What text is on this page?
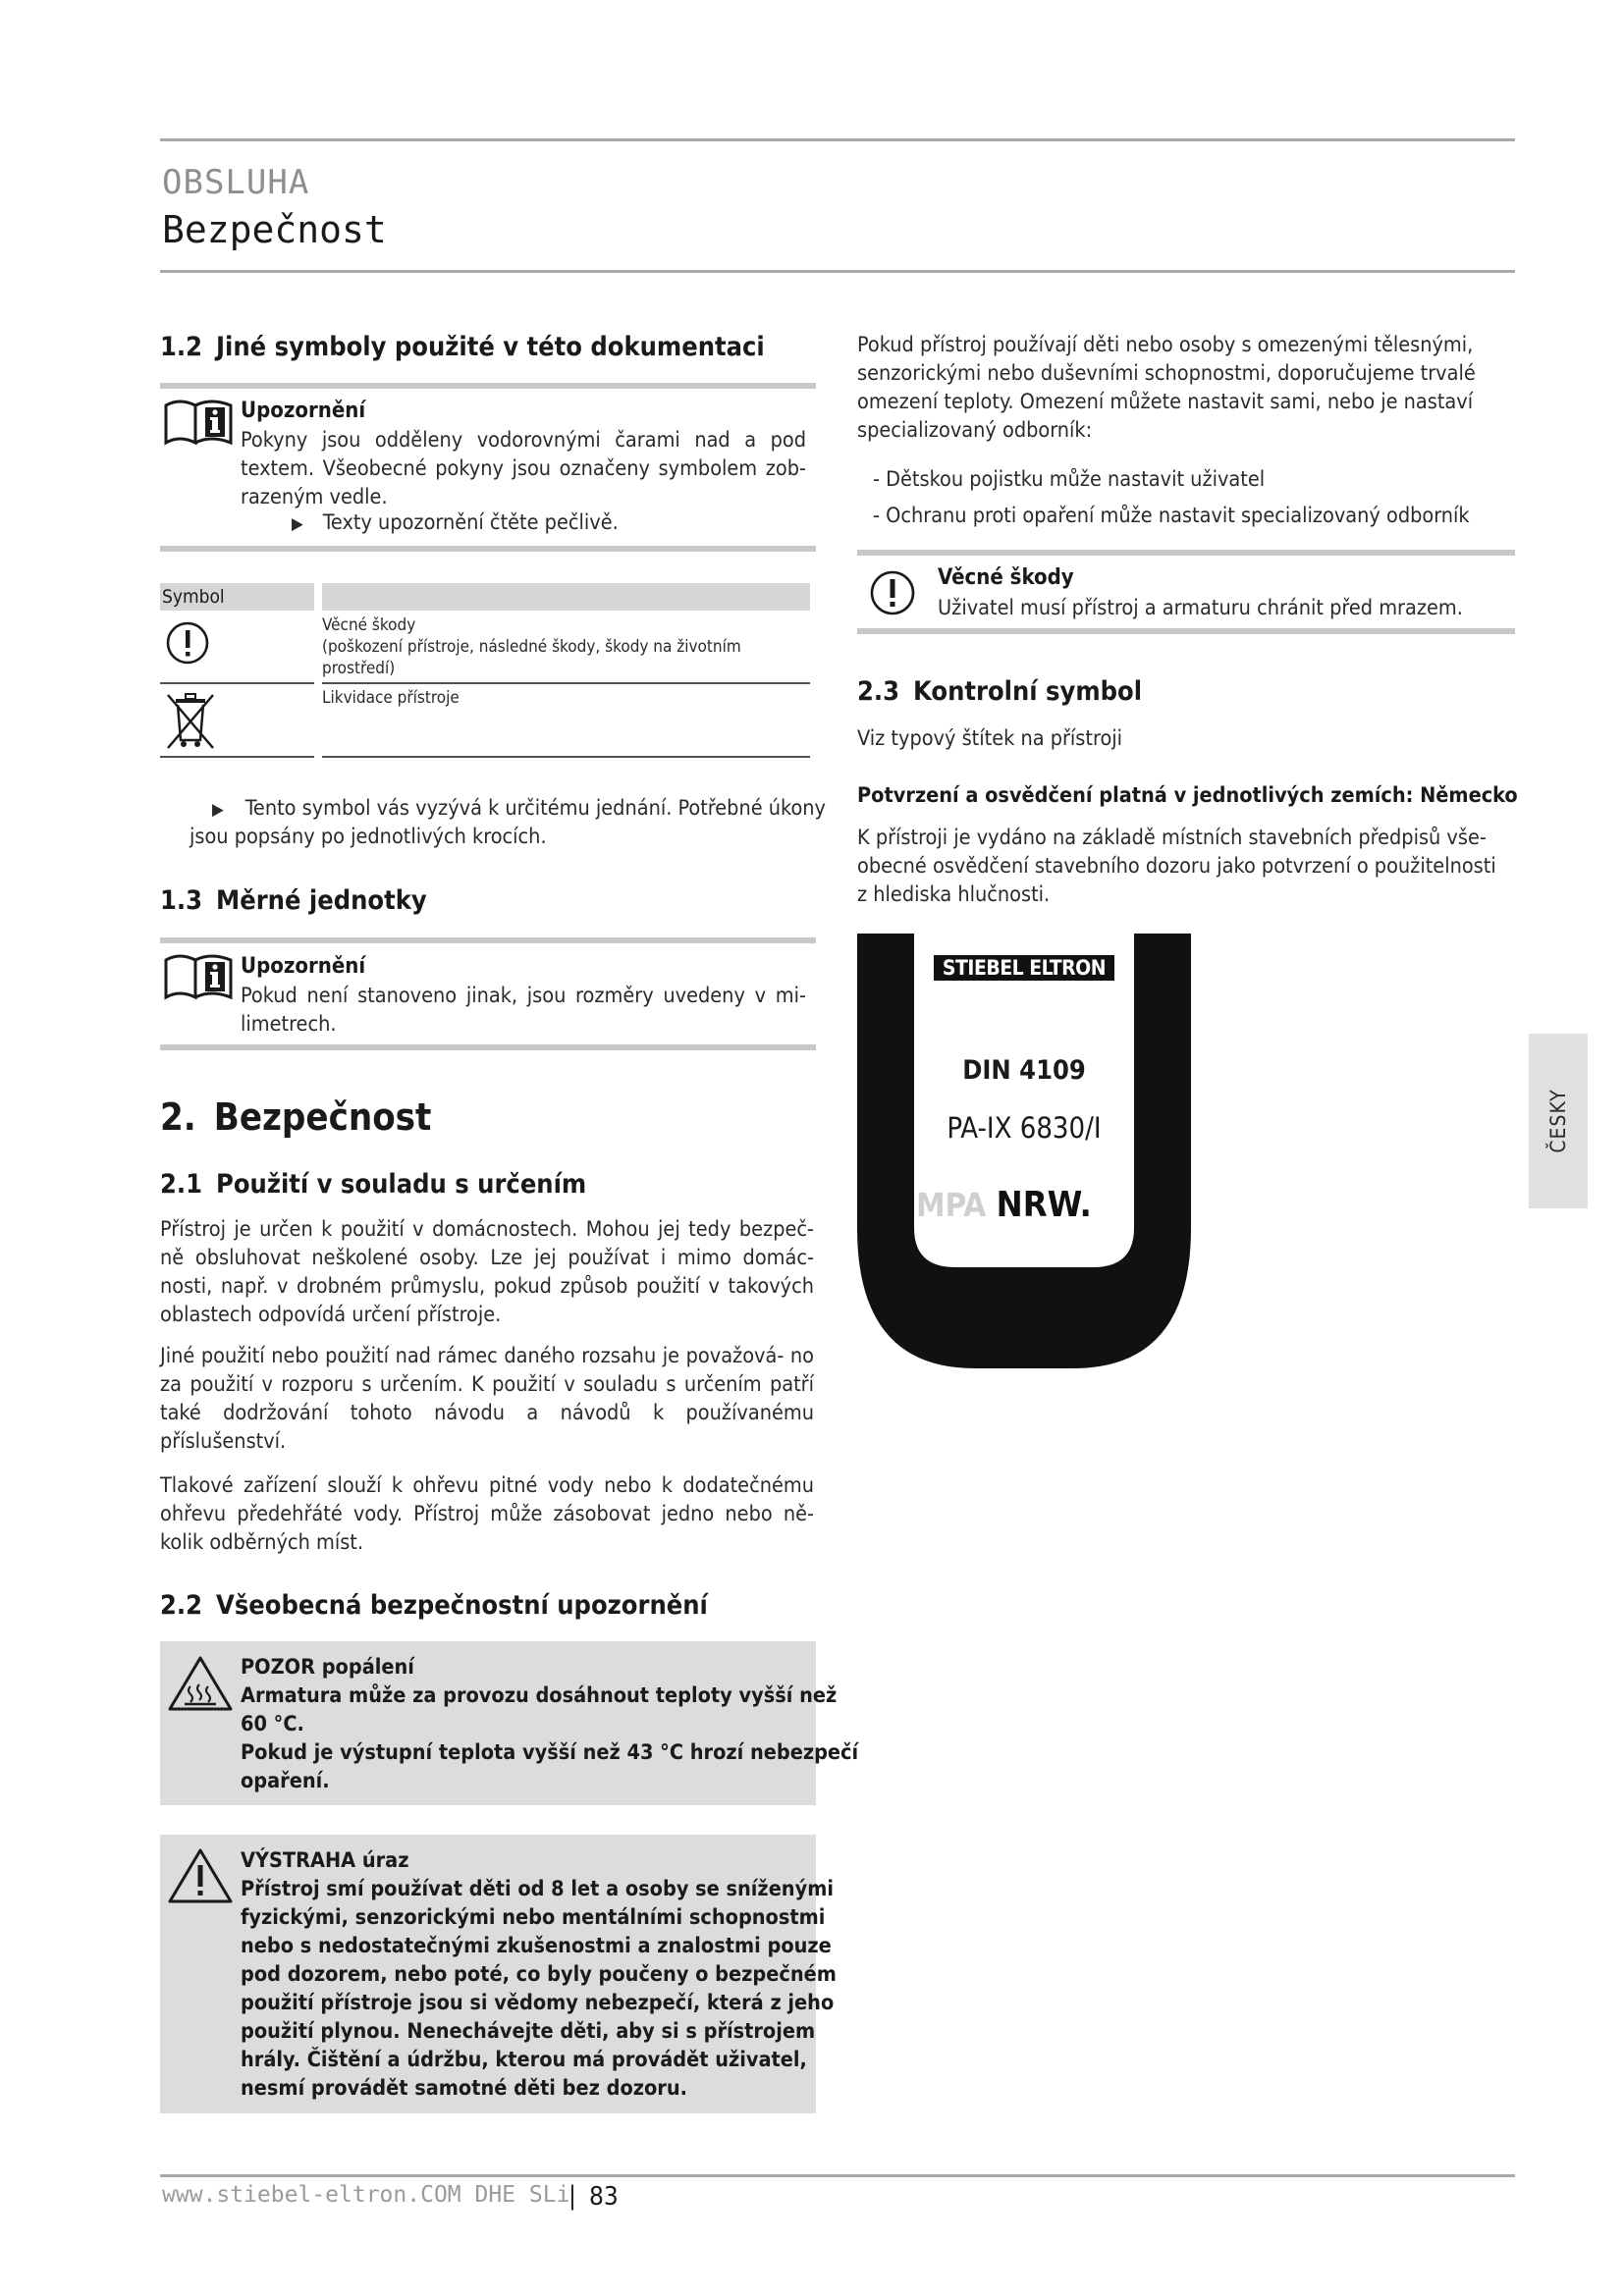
OBSLUHA
Bezpečnost
1.2 Jiné symboly použité v této dokumentaci
Upozornění
Pokyny jsou odděleny vodorovnými čarami nad a pod textem. Všeobecné pokyny jsou označeny symbolem zob- razeným vedle.
▶ Texty upozornění čtěte pečlivě.
Symbol
Věcné škody
(poškození přístroje, následné škody, škody na životním
prostředí)
Likvidace přístroje
▶ Tento symbol vás vyzývá k určitému jednání. Potřebné úkony
jsou popsány po jednotlivých krocích.
1.3 Měrné jednotky
Upozornění
Pokud není stanoveno jinak, jsou rozměry uvedeny v mi- limetrech.
2. Bezpečnost
2.1 Použití v souladu s určením
Přístroj je určen k použití v domácnostech. Mohou jej tedy bezpeč- ně obsluhovat neškolené osoby. Lze jej používat i mimo domác- nosti, např. v drobném průmyslu, pokud způsob použití v takových oblastech odpovídá určení přístroje.
Jiné použití nebo použití nad rámec daného rozsahu je považová- no za použití v rozporu s určením. K použití v souladu s určením patří také dodržování tohoto návodu a návodů k používanému příslušenství.
Tlakové zařízení slouží k ohřevu pitné vody nebo k dodatečnému ohřevu předehřáté vody. Přístroj může zásobovat jedno nebo ně- kolik odběrných míst.
2.2 Všeobecná bezpečnostní upozornění
POZOR popálení
Armatura může za provozu dosáhnout teploty vyšší než
60 °C.
Pokud je výstupní teplota vyšší než 43 °C hrozí nebezpečí
opaření.
VÝSTRAHA úraz
Přístroj smí používat děti od 8 let a osoby se sníženými
fyzickými, senzorickými nebo mentálními schopnostmi
nebo s nedostatečnými zkušenostmi a znalostmi pouze
pod dozorem, nebo poté, co byly poučeny o bezpečném
použití přístroje jsou si vědomy nebezpečí, která z jeho
použití plynou. Nenechávejte děti, aby si s přístrojem
hrály. Čištění a údržbu, kterou má provádět uživatel,
nesmí provádět samotné děti bez dozoru.
Pokud přístroj používají děti nebo osoby s omezenými tělesnými,
senzorickými nebo duševními schopnostmi, doporučujeme trvalé
omezení teploty. Omezení můžete nastavit sami, nebo je nastaví
specializovaný odborník:
- Dětskou pojistku může nastavit uživatel
- Ochranu proti opaření může nastavit specializovaný odborník
Věcné škody
Uživatel musí přístroj a armaturu chránit před mrazem.
2.3 Kontrolní symbol
Viz typový štítek na přístroji
Potvrzení a osvědčení platná v jednotlivých zemích: Německo
K přístroji je vydáno na základě místních stavebních předpisů vše-
obecné osvědčení stavebního dozoru jako potvrzení o použitelnosti
z hlediska hlučnosti.
STIEBEL ELTRON
DIN 4109
PA-IX 6830/I
MPA NRW.
ČESKY
www.stiebel-eltron.COM DHE SLi
| 83
